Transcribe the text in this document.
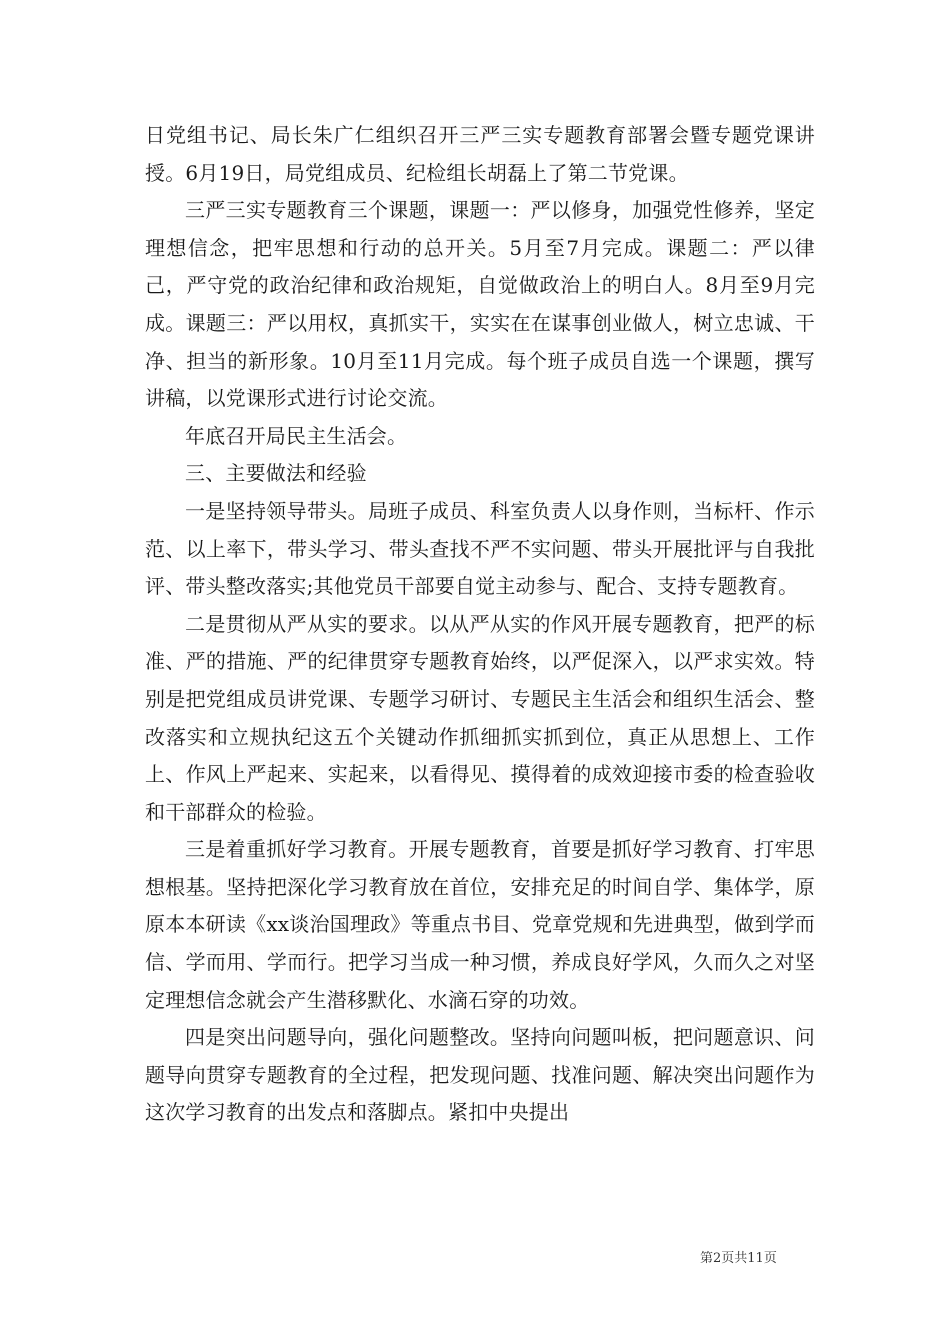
日党组书记、局长朱广仁组织召开三严三实专题教育部署会暨专题党课讲授。6月19日，局党组成员、纪检组长胡磊上了第二节党课。

三严三实专题教育三个课题，课题一：严以修身，加强党性修养，坚定理想信念，把牢思想和行动的总开关。5月至7月完成。课题二：严以律己，严守党的政治纪律和政治规矩，自觉做政治上的明白人。8月至9月完成。课题三：严以用权，真抓实干，实实在在谋事创业做人，树立忠诚、干净、担当的新形象。10月至11月完成。每个班子成员自选一个课题，撰写讲稿，以党课形式进行讨论交流。

年底召开局民主生活会。

三、主要做法和经验

一是坚持领导带头。局班子成员、科室负责人以身作则，当标杆、作示范、以上率下，带头学习、带头查找不严不实问题、带头开展批评与自我批评、带头整改落实;其他党员干部要自觉主动参与、配合、支持专题教育。

二是贯彻从严从实的要求。以从严从实的作风开展专题教育，把严的标准、严的措施、严的纪律贯穿专题教育始终，以严促深入，以严求实效。特别是把党组成员讲党课、专题学习研讨、专题民主生活会和组织生活会、整改落实和立规执纪这五个关键动作抓细抓实抓到位，真正从思想上、工作上、作风上严起来、实起来，以看得见、摸得着的成效迎接市委的检查验收和干部群众的检验。

三是着重抓好学习教育。开展专题教育，首要是抓好学习教育、打牢思想根基。坚持把深化学习教育放在首位，安排充足的时间自学、集体学，原原本本研读《xx谈治国理政》等重点书目、党章党规和先进典型，做到学而信、学而用、学而行。把学习当成一种习惯，养成良好学风，久而久之对坚定理想信念就会产生潜移默化、水滴石穿的功效。

四是突出问题导向，强化问题整改。坚持向问题叫板，把问题意识、问题导向贯穿专题教育的全过程，把发现问题、找准问题、解决突出问题作为这次学习教育的出发点和落脚点。紧扣中央提出

第2页共11页
